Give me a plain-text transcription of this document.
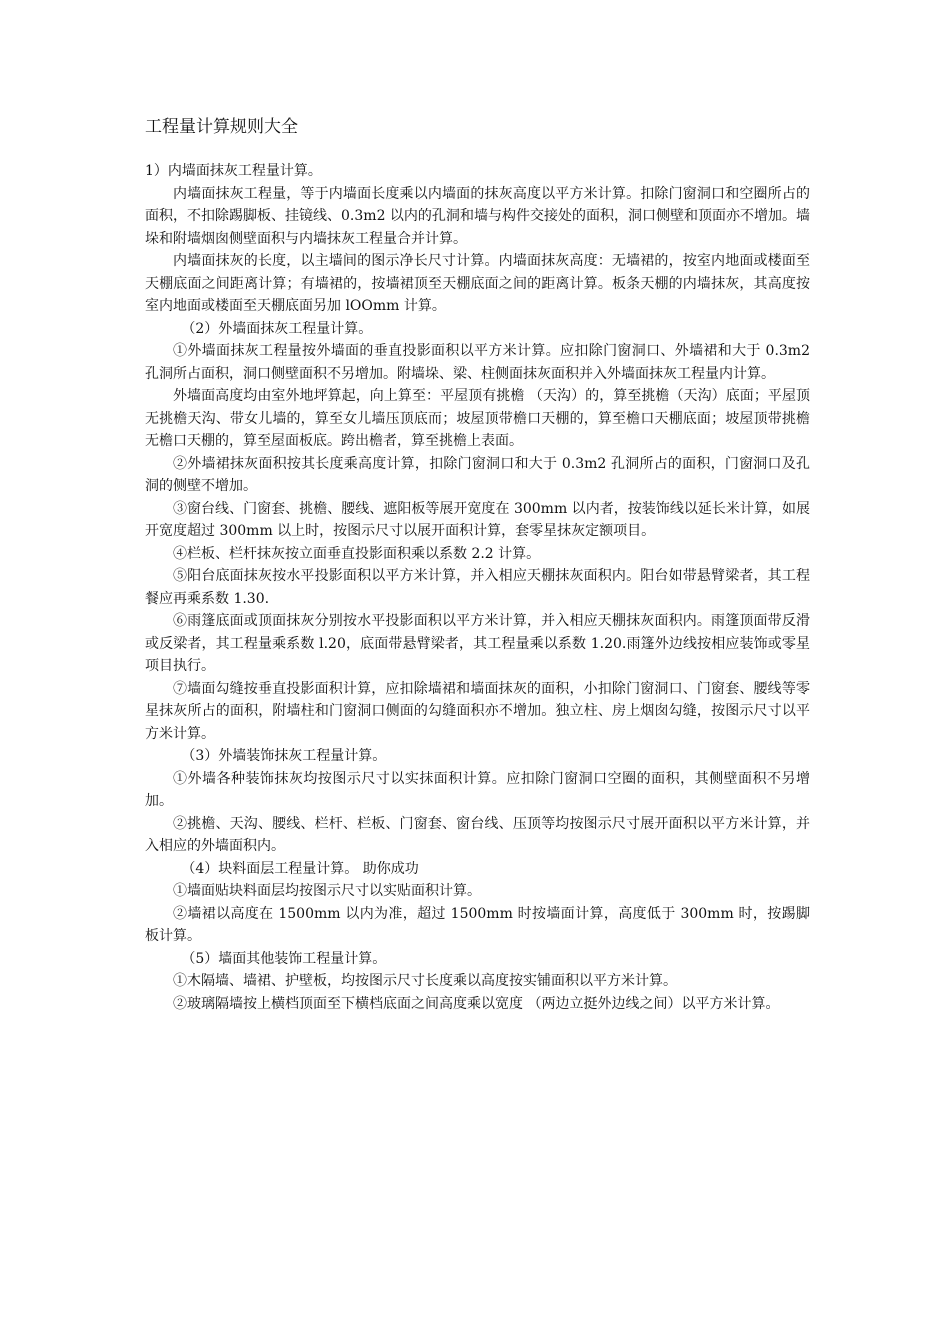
工程量计算规则大全

1）内墙面抹灰工程量计算。

内墙面抹灰工程量，等于内墙面长度乘以内墙面的抹灰高度以平方米计算。扣除门窗洞口和空圈所占的面积，不扣除踢脚板、挂镜线、0.3m2 以内的孔洞和墙与构件交接处的面积，洞口侧壁和顶面亦不增加。墙垛和附墙烟囱侧壁面积与内墙抹灰工程量合并计算。

内墙面抹灰的长度，以主墙间的图示净长尺寸计算。内墙面抹灰高度：无墙裙的，按室内地面或楼面至天棚底面之间距离计算；有墙裙的，按墙裙顶至天棚底面之间的距离计算。板条天棚的内墙抹灰，其高度按室内地面或楼面至天棚底面另加 lOOmm 计算。

（2）外墙面抹灰工程量计算。

①外墙面抹灰工程量按外墙面的垂直投影面积以平方米计算。应扣除门窗洞口、外墙裙和大于 0.3m2 孔洞所占面积，洞口侧壁面积不另增加。附墙垛、梁、柱侧面抹灰面积并入外墙面抹灰工程量内计算。

外墙面高度均由室外地坪算起，向上算至：平屋顶有挑檐 （天沟）的，算至挑檐（天沟）底面；平屋顶无挑檐天沟、带女儿墙的，算至女儿墙压顶底而；坡屋顶带檐口天棚的，算至檐口天棚底面；坡屋顶带挑檐无檐口天棚的，算至屋面板底。跨出檐者，算至挑檐上表面。

②外墙裙抹灰面积按其长度乘高度计算，扣除门窗洞口和大于 0.3m2 孔洞所占的面积，门窗洞口及孔洞的侧壁不增加。

③窗台线、门窗套、挑檐、腰线、遮阳板等展开宽度在 300mm 以内者，按装饰线以延长米计算，如展开宽度超过 300mm 以上时，按图示尺寸以展开面积计算，套零星抹灰定额项目。

④栏板、栏杆抹灰按立面垂直投影面积乘以系数 2.2 计算。

⑤阳台底面抹灰按水平投影面积以平方米计算，并入相应天棚抹灰面积内。阳台如带悬臂梁者，其工程餐应再乘系数 1.30.

⑥雨篷底面或顶面抹灰分别按水平投影面积以平方米计算，并入相应天棚抹灰面积内。雨篷顶面带反滑或反梁者，其工程量乘系数 l.20，底面带悬臂梁者，其工程量乘以系数 1.20.雨篷外边线按相应装饰或零星项目执行。

⑦墙面勾缝按垂直投影面积计算，应扣除墙裙和墙面抹灰的面积，小扣除门窗洞口、门窗套、腰线等零星抹灰所占的面积，附墙柱和门窗洞口侧面的勾缝面积亦不增加。独立柱、房上烟囱勾缝，按图示尺寸以平方米计算。

（3）外墙装饰抹灰工程量计算。

①外墙各种装饰抹灰均按图示尺寸以实抹面积计算。应扣除门窗洞口空圈的面积，其侧壁面积不另增加。

②挑檐、天沟、腰线、栏杆、栏板、门窗套、窗台线、压顶等均按图示尺寸展开面积以平方米计算，并入相应的外墙面积内。

（4）块料面层工程量计算。 助你成功

①墙面贴块料面层均按图示尺寸以实贴面积计算。

②墙裙以高度在 1500mm 以内为准，超过 1500mm 时按墙面计算，高度低于 300mm 时，按踢脚板计算。

（5）墙面其他装饰工程量计算。

①木隔墙、墙裙、护壁板，均按图示尺寸长度乘以高度按实铺面积以平方米计算。

②玻璃隔墙按上横档顶面至下横档底面之间高度乘以宽度 （两边立挺外边线之间）以平方米计算。
